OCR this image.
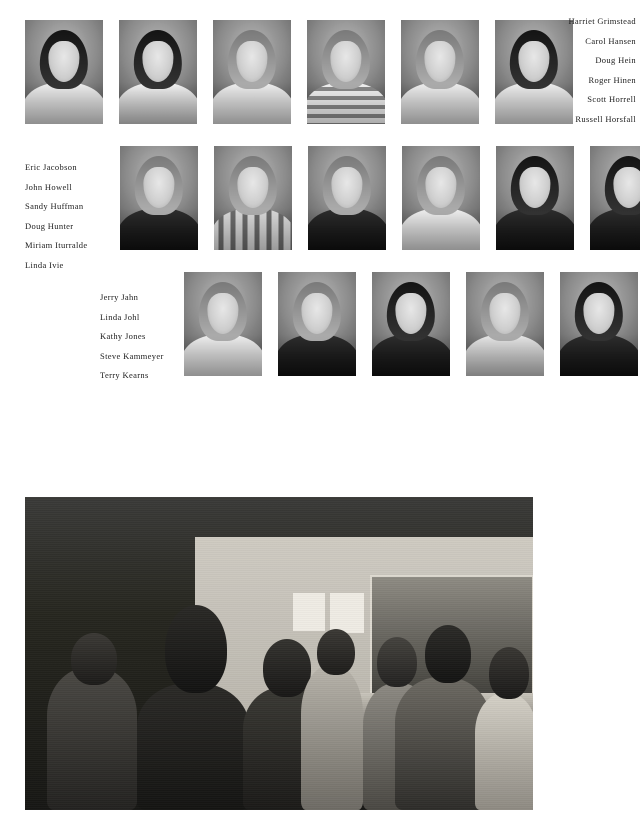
Harriet Grimstead
Carol Hansen
Doug Hein
Roger Hinen
Scott Horrell
Russell Horsfall
Eric Jacobson
John Howell
Sandy Huffman
Doug Hunter
Miriam Iturralde
Linda Ivie
Jerry Jahn
Linda Johl
Kathy Jones
Steve Kammeyer
Terry Kearns
